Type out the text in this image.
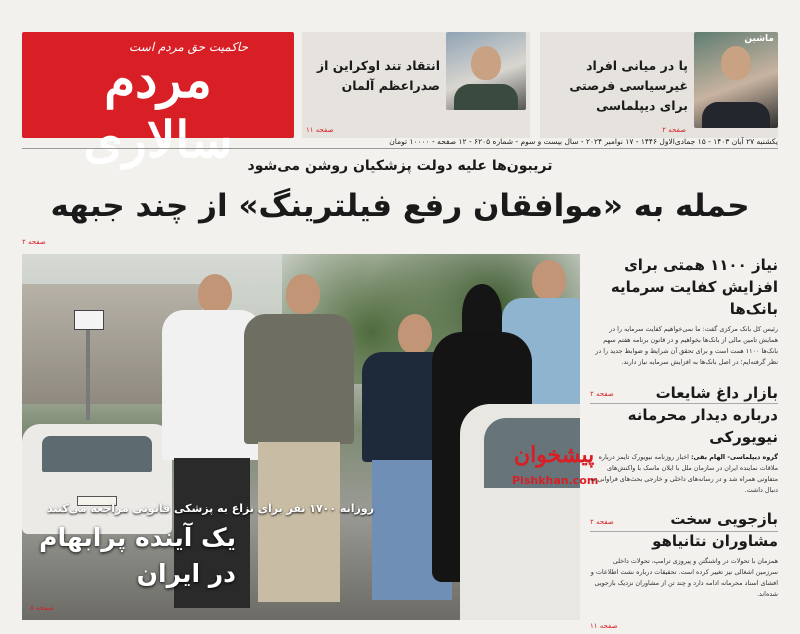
حاکمیت حق مردم است
مردم سالاری
انتقاد تند اوکراین از صدراعظم آلمان
صفحه ۱۱
ماشین
پا در میانی افراد غیرسیاسی فرصتی برای دیپلماسی
صفحه ۲
یکشنبه ۲۷ آبان ۱۴۰۳ - ۱۵ جمادی‌الاول ۱۴۴۶ - ۱۷ نوامبر ۲۰۲۴ - سال بیست و سوم - شماره ۶۲۰۵ - ۱۲ صفحه - ۱۰۰۰۰ تومان
تریبون‌ها علیه دولت پزشکیان روشن می‌شود
حمله به «موافقان رفع فیلترینگ» از چند جبهه
صفحه ۲
روزانه ۱۷۰۰ نفر برای نزاع به پزشکی قانونی مراجعه می‌کنند
یک آینده پرابهام
در ایران
صفحه ۸
پیشخوان
Pishkhan.com
نیاز ۱۱۰۰ همتی برای
افزایش کفایت سرمایه بانک‌ها
رئیس کل بانک مرکزی گفت: ما نمی‌خواهیم کفایت سرمایه را در همایش تامین مالی از بانک‌ها بخواهیم و در قانون برنامه هفتم سهم بانک‌ها ۱۱۰۰ همت است و برای تحقق آن شرایط و ضوابط جدید را در نظر گرفته‌ایم؛ در اصل بانک‌ها به افزایش سرمایه نیاز دارند.
صفحه ۲	بازار داغ شایعات
درباره دیدار محرمانه نیویورکی
گروه دیپلماسی- الهام بقی: اخبار روزنامه نیویورک تایمز درباره ملاقات نماینده ایران در سازمان ملل با ایلان ماسک با واکنش‌های متفاوتی همراه شد و در رسانه‌های داخلی و خارجی بحث‌های فراوانی به دنبال داشت.
صفحه ۲	بازجویی سخت
مشاوران نتانیاهو
همزمان با تحولات در واشنگتن و پیروزی ترامپ، تحولات داخلی سرزمین اشغالی نیز تغییر کرده است. تحقیقات درباره نشت اطلاعات و افشای اسناد محرمانه ادامه دارد و چند تن از مشاوران نزدیک بازجویی شده‌اند.
صفحه ۱۱
